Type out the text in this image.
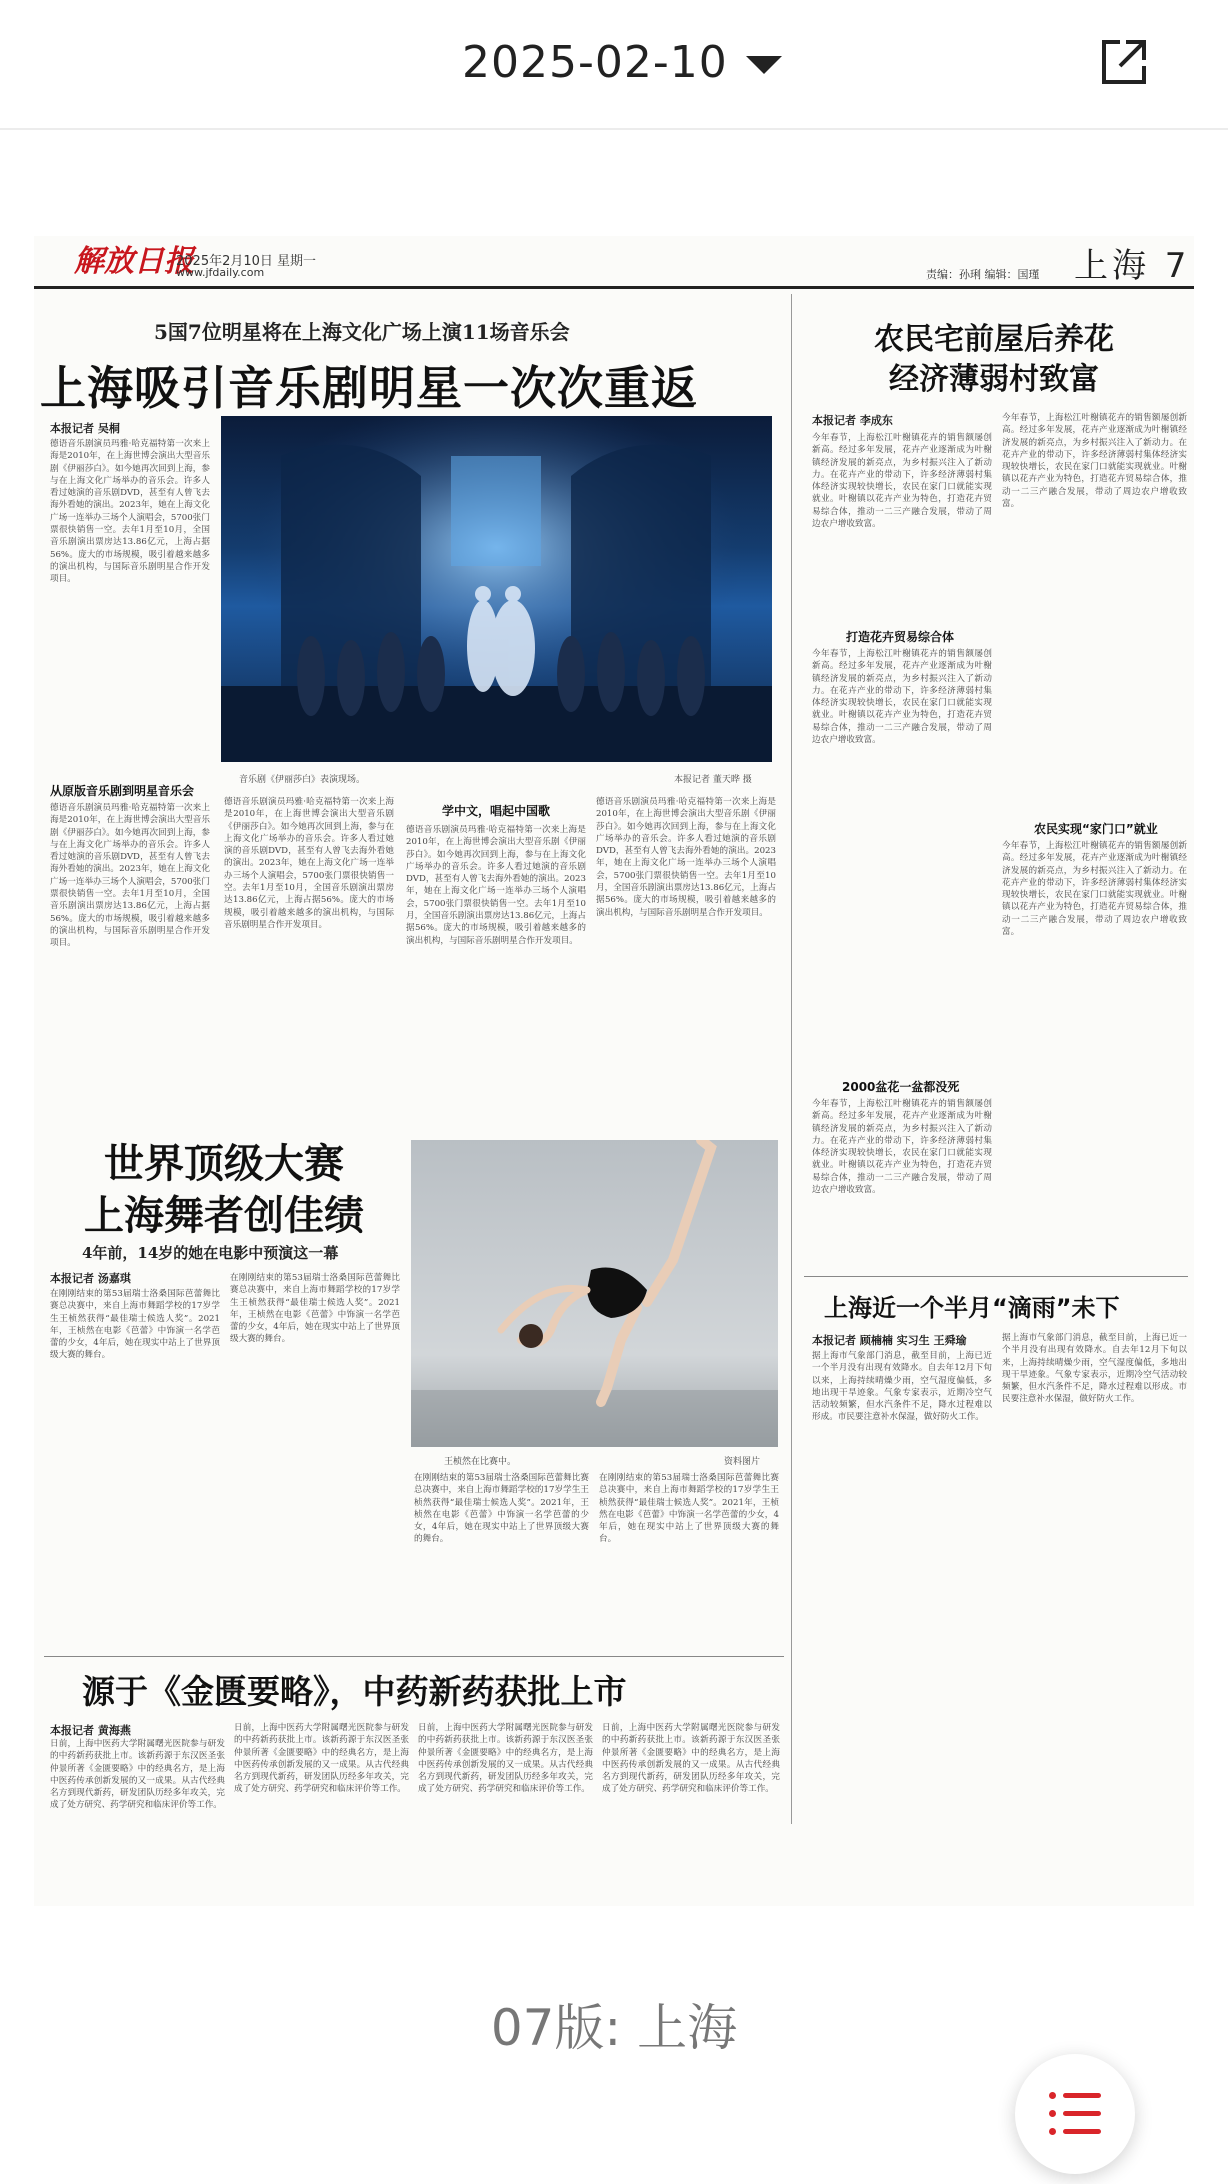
2025-02-10
解放日报
2025年2月10日 星期一
www.jfdaily.com	责编：孙琍 编辑：国瑾 上海 7
5国7位明星将在上海文化广场上演11场音乐会
上海吸引音乐剧明星一次次重返
本报记者 吴桐
德语音乐剧演员玛雅·哈克福特第一次来上海是2010年，在上海世博会演出大型音乐剧《伊丽莎白》。如今她再次回到上海，参与在上海文化广场举办的音乐会。许多人看过她演的音乐剧DVD，甚至有人曾飞去海外看她的演出。2023年，她在上海文化广场一连举办三场个人演唱会，5700张门票很快销售一空。去年1月至10月，全国音乐剧演出票房达13.86亿元，上海占据56%。庞大的市场规模，吸引着越来越多的演出机构，与国际音乐剧明星合作开发项目。
音乐剧《伊丽莎白》表演现场。	本报记者 董天晔 摄
从原版音乐剧到明星音乐会
德语音乐剧演员玛雅·哈克福特第一次来上海是2010年，在上海世博会演出大型音乐剧《伊丽莎白》。如今她再次回到上海，参与在上海文化广场举办的音乐会。许多人看过她演的音乐剧DVD，甚至有人曾飞去海外看她的演出。2023年，她在上海文化广场一连举办三场个人演唱会，5700张门票很快销售一空。去年1月至10月，全国音乐剧演出票房达13.86亿元，上海占据56%。庞大的市场规模，吸引着越来越多的演出机构，与国际音乐剧明星合作开发项目。
德语音乐剧演员玛雅·哈克福特第一次来上海是2010年，在上海世博会演出大型音乐剧《伊丽莎白》。如今她再次回到上海，参与在上海文化广场举办的音乐会。许多人看过她演的音乐剧DVD，甚至有人曾飞去海外看她的演出。2023年，她在上海文化广场一连举办三场个人演唱会，5700张门票很快销售一空。去年1月至10月，全国音乐剧演出票房达13.86亿元，上海占据56%。庞大的市场规模，吸引着越来越多的演出机构，与国际音乐剧明星合作开发项目。
学中文，唱起中国歌
德语音乐剧演员玛雅·哈克福特第一次来上海是2010年，在上海世博会演出大型音乐剧《伊丽莎白》。如今她再次回到上海，参与在上海文化广场举办的音乐会。许多人看过她演的音乐剧DVD，甚至有人曾飞去海外看她的演出。2023年，她在上海文化广场一连举办三场个人演唱会，5700张门票很快销售一空。去年1月至10月，全国音乐剧演出票房达13.86亿元，上海占据56%。庞大的市场规模，吸引着越来越多的演出机构，与国际音乐剧明星合作开发项目。
德语音乐剧演员玛雅·哈克福特第一次来上海是2010年，在上海世博会演出大型音乐剧《伊丽莎白》。如今她再次回到上海，参与在上海文化广场举办的音乐会。许多人看过她演的音乐剧DVD，甚至有人曾飞去海外看她的演出。2023年，她在上海文化广场一连举办三场个人演唱会，5700张门票很快销售一空。去年1月至10月，全国音乐剧演出票房达13.86亿元，上海占据56%。庞大的市场规模，吸引着越来越多的演出机构，与国际音乐剧明星合作开发项目。
世界顶级大赛
上海舞者创佳绩
4年前，14岁的她在电影中预演这一幕
本报记者 汤嘉琪
在刚刚结束的第53届瑞士洛桑国际芭蕾舞比赛总决赛中，来自上海市舞蹈学校的17岁学生王桢然获得“最佳瑞士候选人奖”。2021年，王桢然在电影《芭蕾》中饰演一名学芭蕾的少女，4年后，她在现实中站上了世界顶级大赛的舞台。
在刚刚结束的第53届瑞士洛桑国际芭蕾舞比赛总决赛中，来自上海市舞蹈学校的17岁学生王桢然获得“最佳瑞士候选人奖”。2021年，王桢然在电影《芭蕾》中饰演一名学芭蕾的少女，4年后，她在现实中站上了世界顶级大赛的舞台。
王桢然在比赛中。	资料图片
在刚刚结束的第53届瑞士洛桑国际芭蕾舞比赛总决赛中，来自上海市舞蹈学校的17岁学生王桢然获得“最佳瑞士候选人奖”。2021年，王桢然在电影《芭蕾》中饰演一名学芭蕾的少女，4年后，她在现实中站上了世界顶级大赛的舞台。
在刚刚结束的第53届瑞士洛桑国际芭蕾舞比赛总决赛中，来自上海市舞蹈学校的17岁学生王桢然获得“最佳瑞士候选人奖”。2021年，王桢然在电影《芭蕾》中饰演一名学芭蕾的少女，4年后，她在现实中站上了世界顶级大赛的舞台。
源于《金匮要略》，中药新药获批上市
本报记者 黄海燕
日前，上海中医药大学附属曙光医院参与研发的中药新药获批上市。该新药源于东汉医圣张仲景所著《金匮要略》中的经典名方，是上海中医药传承创新发展的又一成果。从古代经典名方到现代新药，研发团队历经多年攻关，完成了处方研究、药学研究和临床评价等工作。
日前，上海中医药大学附属曙光医院参与研发的中药新药获批上市。该新药源于东汉医圣张仲景所著《金匮要略》中的经典名方，是上海中医药传承创新发展的又一成果。从古代经典名方到现代新药，研发团队历经多年攻关，完成了处方研究、药学研究和临床评价等工作。
日前，上海中医药大学附属曙光医院参与研发的中药新药获批上市。该新药源于东汉医圣张仲景所著《金匮要略》中的经典名方，是上海中医药传承创新发展的又一成果。从古代经典名方到现代新药，研发团队历经多年攻关，完成了处方研究、药学研究和临床评价等工作。
日前，上海中医药大学附属曙光医院参与研发的中药新药获批上市。该新药源于东汉医圣张仲景所著《金匮要略》中的经典名方，是上海中医药传承创新发展的又一成果。从古代经典名方到现代新药，研发团队历经多年攻关，完成了处方研究、药学研究和临床评价等工作。
农民宅前屋后养花
经济薄弱村致富
本报记者 李成东
今年春节，上海松江叶榭镇花卉的销售额屡创新高。经过多年发展，花卉产业逐渐成为叶榭镇经济发展的新亮点，为乡村振兴注入了新动力。在花卉产业的带动下，许多经济薄弱村集体经济实现较快增长，农民在家门口就能实现就业。叶榭镇以花卉产业为特色，打造花卉贸易综合体，推动一二三产融合发展，带动了周边农户增收致富。
打造花卉贸易综合体
今年春节，上海松江叶榭镇花卉的销售额屡创新高。经过多年发展，花卉产业逐渐成为叶榭镇经济发展的新亮点，为乡村振兴注入了新动力。在花卉产业的带动下，许多经济薄弱村集体经济实现较快增长，农民在家门口就能实现就业。叶榭镇以花卉产业为特色，打造花卉贸易综合体，推动一二三产融合发展，带动了周边农户增收致富。
今年春节，上海松江叶榭镇花卉的销售额屡创新高。经过多年发展，花卉产业逐渐成为叶榭镇经济发展的新亮点，为乡村振兴注入了新动力。在花卉产业的带动下，许多经济薄弱村集体经济实现较快增长，农民在家门口就能实现就业。叶榭镇以花卉产业为特色，打造花卉贸易综合体，推动一二三产融合发展，带动了周边农户增收致富。
农民实现“家门口”就业
今年春节，上海松江叶榭镇花卉的销售额屡创新高。经过多年发展，花卉产业逐渐成为叶榭镇经济发展的新亮点，为乡村振兴注入了新动力。在花卉产业的带动下，许多经济薄弱村集体经济实现较快增长，农民在家门口就能实现就业。叶榭镇以花卉产业为特色，打造花卉贸易综合体，推动一二三产融合发展，带动了周边农户增收致富。
2000盆花一盆都没死
今年春节，上海松江叶榭镇花卉的销售额屡创新高。经过多年发展，花卉产业逐渐成为叶榭镇经济发展的新亮点，为乡村振兴注入了新动力。在花卉产业的带动下，许多经济薄弱村集体经济实现较快增长，农民在家门口就能实现就业。叶榭镇以花卉产业为特色，打造花卉贸易综合体，推动一二三产融合发展，带动了周边农户增收致富。
上海近一个半月“滴雨”未下
本报记者 顾楠楠 实习生 王舜瑜
据上海市气象部门消息，截至目前，上海已近一个半月没有出现有效降水。自去年12月下旬以来，上海持续晴燥少雨，空气湿度偏低，多地出现干旱迹象。气象专家表示，近期冷空气活动较频繁，但水汽条件不足，降水过程难以形成。市民要注意补水保湿，做好防火工作。
据上海市气象部门消息，截至目前，上海已近一个半月没有出现有效降水。自去年12月下旬以来，上海持续晴燥少雨，空气湿度偏低，多地出现干旱迹象。气象专家表示，近期冷空气活动较频繁，但水汽条件不足，降水过程难以形成。市民要注意补水保湿，做好防火工作。
07版: 上海
